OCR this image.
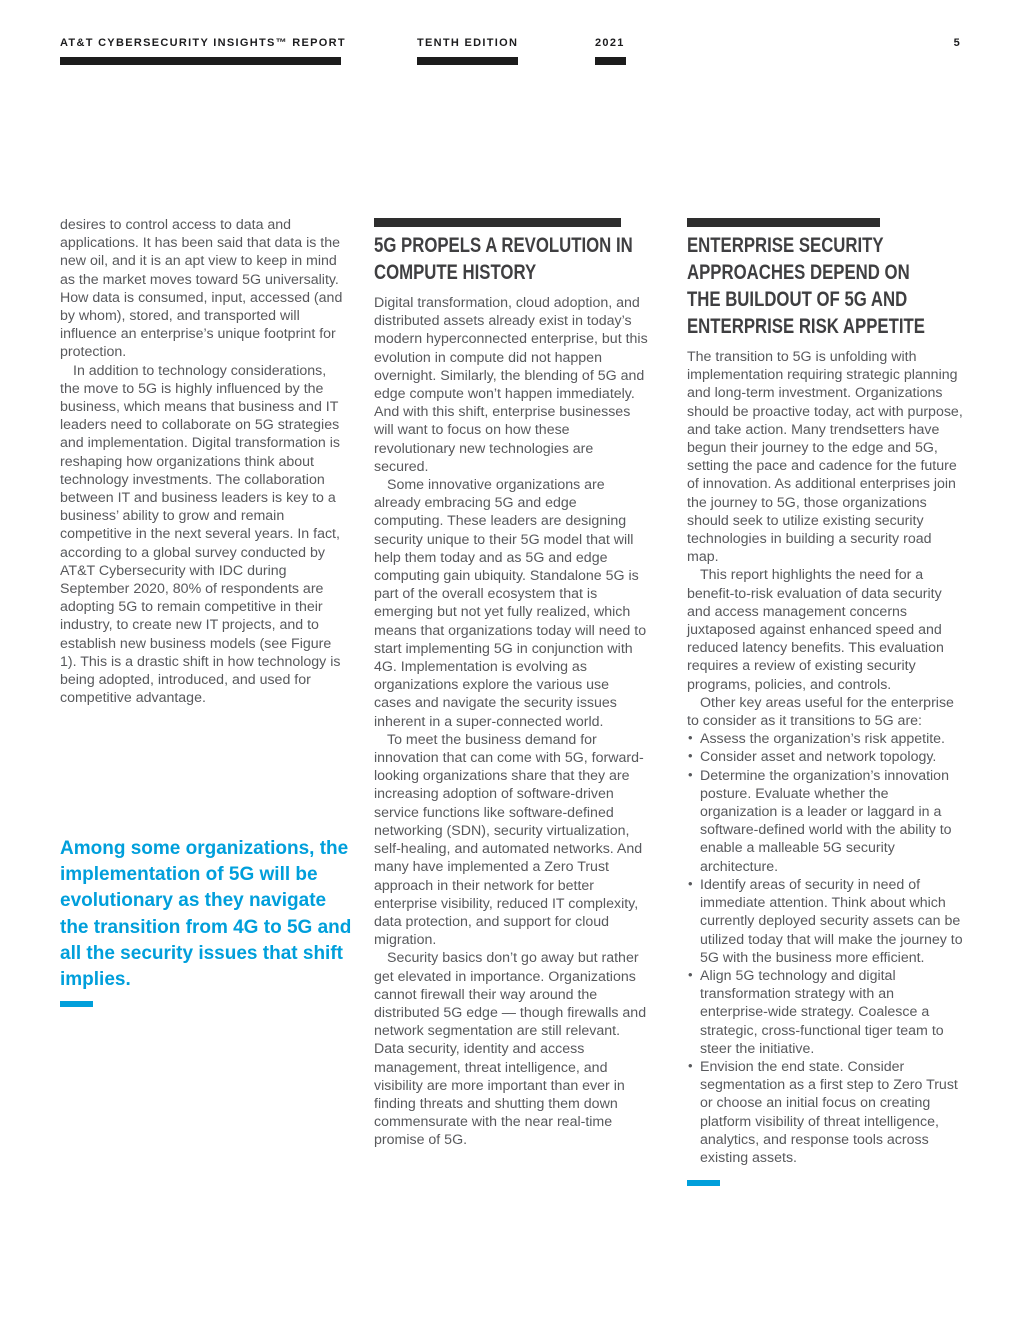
AT&T CYBERSECURITY INSIGHTS™ REPORT	TENTH EDITION	2021	5

desires to control access to data and applications. It has been said that data is the new oil, and it is an apt view to keep in mind as the market moves toward 5G universality. How data is consumed, input, accessed (and by whom), stored, and transported will influence an enterprise’s unique footprint for protection.

In addition to technology considerations, the move to 5G is highly influenced by the business, which means that business and IT leaders need to collaborate on 5G strategies and implementation. Digital transformation is reshaping how organizations think about technology investments. The collaboration between IT and business leaders is key to a business’ ability to grow and remain competitive in the next several years. In fact, according to a global survey conducted by AT&T Cybersecurity with IDC during September 2020, 80% of respondents are adopting 5G to remain competitive in their industry, to create new IT projects, and to establish new business models (see Figure 1). This is a drastic shift in how technology is being adopted, introduced, and used for competitive advantage.

Among some organizations, the implementation of 5G will be evolutionary as they navigate the transition from 4G to 5G and all the security issues that shift implies.
5G PROPELS A REVOLUTION IN
COMPUTE HISTORY

Digital transformation, cloud adoption, and distributed assets already exist in today’s modern hyperconnected enterprise, but this evolution in compute did not happen overnight. Similarly, the blending of 5G and edge compute won’t happen immediately. And with this shift, enterprise businesses will want to focus on how these revolutionary new technologies are secured.

Some innovative organizations are already embracing 5G and edge computing. These leaders are designing security unique to their 5G model that will help them today and as 5G and edge computing gain ubiquity. Standalone 5G is part of the overall ecosystem that is emerging but not yet fully realized, which means that organizations today will need to start implementing 5G in conjunction with 4G. Implementation is evolving as organizations explore the various use cases and navigate the security issues inherent in a super-connected world.

To meet the business demand for innovation that can come with 5G, forward-looking organizations share that they are increasing adoption of software-driven service functions like software-defined networking (SDN), security virtualization, self-healing, and automated networks. And many have implemented a Zero Trust approach in their network for better enterprise visibility, reduced IT complexity, data protection, and support for cloud migration.

Security basics don’t go away but rather get elevated in importance. Organizations cannot firewall their way around the distributed 5G edge — though firewalls and network segmentation are still relevant. Data security, identity and access management, threat intelligence, and visibility are more important than ever in finding threats and shutting them down commensurate with the near real-time promise of 5G.

ENTERPRISE SECURITY
APPROACHES DEPEND ON
THE BUILDOUT OF 5G AND
ENTERPRISE RISK APPETITE

The transition to 5G is unfolding with implementation requiring strategic planning and long-term investment. Organizations should be proactive today, act with purpose, and take action. Many trendsetters have begun their journey to the edge and 5G, setting the pace and cadence for the future of innovation. As additional enterprises join the journey to 5G, those organizations should seek to utilize existing security technologies in building a security road map.

This report highlights the need for a benefit-to-risk evaluation of data security and access management concerns juxtaposed against enhanced speed and reduced latency benefits. This evaluation requires a review of existing security programs, policies, and controls.

Other key areas useful for the enterprise to consider as it transitions to 5G are:

• Assess the organization’s risk appetite.
• Consider asset and network topology.
• Determine the organization’s innovation posture. Evaluate whether the organization is a leader or laggard in a software-defined world with the ability to enable a malleable 5G security architecture.
• Identify areas of security in need of immediate attention. Think about which currently deployed security assets can be utilized today that will make the journey to 5G with the business more efficient.
• Align 5G technology and digital transformation strategy with an enterprise-wide strategy. Coalesce a strategic, cross-functional tiger team to steer the initiative.
• Envision the end state. Consider segmentation as a first step to Zero Trust or choose an initial focus on creating platform visibility of threat intelligence, analytics, and response tools across existing assets.
